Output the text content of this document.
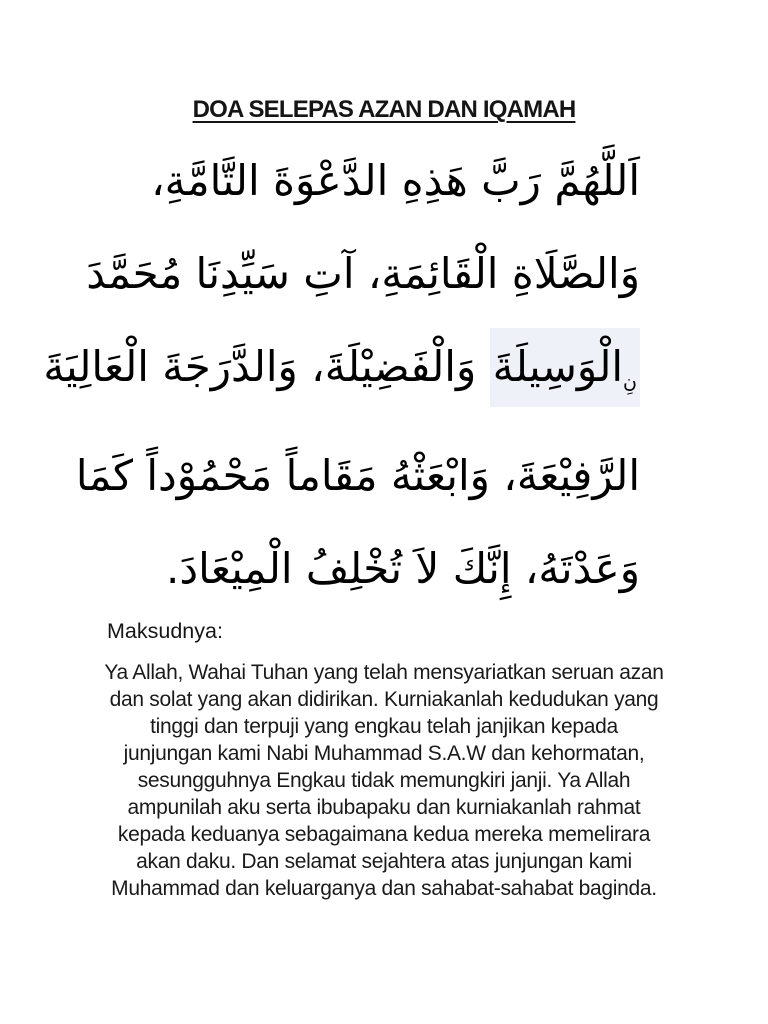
DOA SELEPAS AZAN DAN IQAMAH
اَللَّهُمَّ رَبَّ هَذِهِ الدَّعْوَةَ التَّامَّةِ،
وَالصَّلَاةِ الْقَائِمَةِ، آتِ سَيِّدِنَا مُحَمَّدَ
نِ‌الْوَسِيلَةَ وَالْفَضِيْلَةَ، وَالدَّرَجَةَ الْعَالِيَةَ
الرَّفِيْعَةَ، وَابْعَثْهُ مَقَاماً مَحْمُوْداً كَمَا
وَعَدْتَهُ، إِنَّكَ لاَ تُخْلِفُ الْمِيْعَادَ.
Maksudnya:
Ya Allah, Wahai Tuhan yang telah mensyariatkan seruan azan
dan solat yang akan didirikan. Kurniakanlah kedudukan yang
tinggi dan terpuji yang engkau telah janjikan kepada
junjungan kami Nabi Muhammad S.A.W dan kehormatan,
sesungguhnya Engkau tidak memungkiri janji. Ya Allah
ampunilah aku serta ibubapaku dan kurniakanlah rahmat
kepada keduanya sebagaimana kedua mereka memelirara
akan daku. Dan selamat sejahtera atas junjungan kami
Muhammad dan keluarganya dan sahabat-sahabat baginda.
